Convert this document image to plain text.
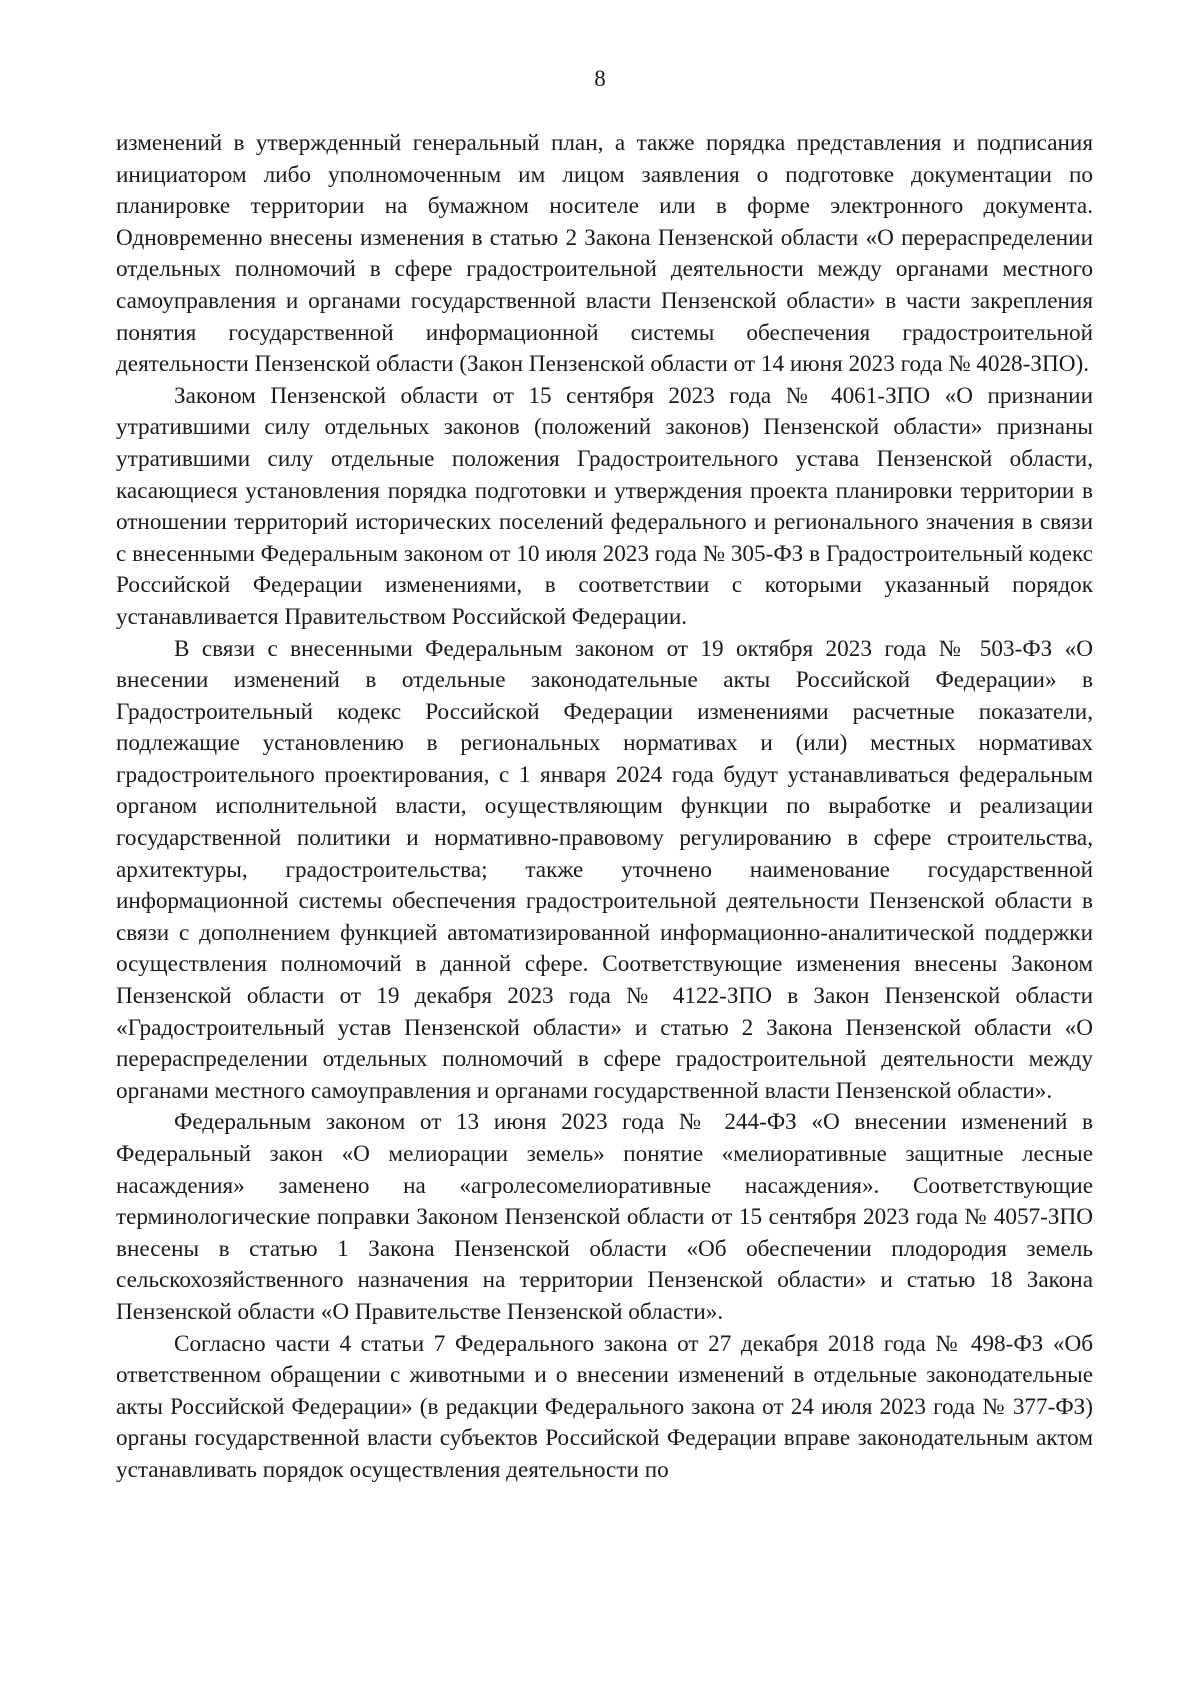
8

изменений в утвержденный генеральный план, а также порядка представления и подписания инициатором либо уполномоченным им лицом заявления о подготовке документации по планировке территории на бумажном носителе или в форме электронного документа. Одновременно внесены изменения в статью 2 Закона Пензенской области «О перераспределении отдельных полномочий в сфере градостроительной деятельности между органами местного самоуправления и органами государственной власти Пензенской области» в части закрепления понятия государственной информационной системы обеспечения градостроительной деятельности Пензенской области (Закон Пензенской области от 14 июня 2023 года № 4028-ЗПО).

Законом Пензенской области от 15 сентября 2023 года № 4061-ЗПО «О признании утратившими силу отдельных законов (положений законов) Пензенской области» признаны утратившими силу отдельные положения Градостроительного устава Пензенской области, касающиеся установления порядка подготовки и утверждения проекта планировки территории в отношении территорий исторических поселений федерального и регионального значения в связи с внесенными Федеральным законом от 10 июля 2023 года № 305-ФЗ в Градостроительный кодекс Российской Федерации изменениями, в соответствии с которыми указанный порядок устанавливается Правительством Российской Федерации.

В связи с внесенными Федеральным законом от 19 октября 2023 года № 503-ФЗ «О внесении изменений в отдельные законодательные акты Российской Федерации» в Градостроительный кодекс Российской Федерации изменениями расчетные показатели, подлежащие установлению в региональных нормативах и (или) местных нормативах градостроительного проектирования, с 1 января 2024 года будут устанавливаться федеральным органом исполнительной власти, осуществляющим функции по выработке и реализации государственной политики и нормативно-правовому регулированию в сфере строительства, архитектуры, градостроительства; также уточнено наименование государственной информационной системы обеспечения градостроительной деятельности Пензенской области в связи с дополнением функцией автоматизированной информационно-аналитической поддержки осуществления полномочий в данной сфере. Соответствующие изменения внесены Законом Пензенской области от 19 декабря 2023 года № 4122-ЗПО в Закон Пензенской области «Градостроительный устав Пензенской области» и статью 2 Закона Пензенской области «О перераспределении отдельных полномочий в сфере градостроительной деятельности между органами местного самоуправления и органами государственной власти Пензенской области».

Федеральным законом от 13 июня 2023 года № 244-ФЗ «О внесении изменений в Федеральный закон «О мелиорации земель» понятие «мелиоративные защитные лесные насаждения» заменено на «агролесомелиоративные насаждения». Соответствующие терминологические поправки Законом Пензенской области от 15 сентября 2023 года № 4057-ЗПО внесены в статью 1 Закона Пензенской области «Об обеспечении плодородия земель сельскохозяйственного назначения на территории Пензенской области» и статью 18 Закона Пензенской области «О Правительстве Пензенской области».

Согласно части 4 статьи 7 Федерального закона от 27 декабря 2018 года № 498-ФЗ «Об ответственном обращении с животными и о внесении изменений в отдельные законодательные акты Российской Федерации» (в редакции Федерального закона от 24 июля 2023 года № 377-ФЗ) органы государственной власти субъектов Российской Федерации вправе законодательным актом устанавливать порядок осуществления деятельности по
